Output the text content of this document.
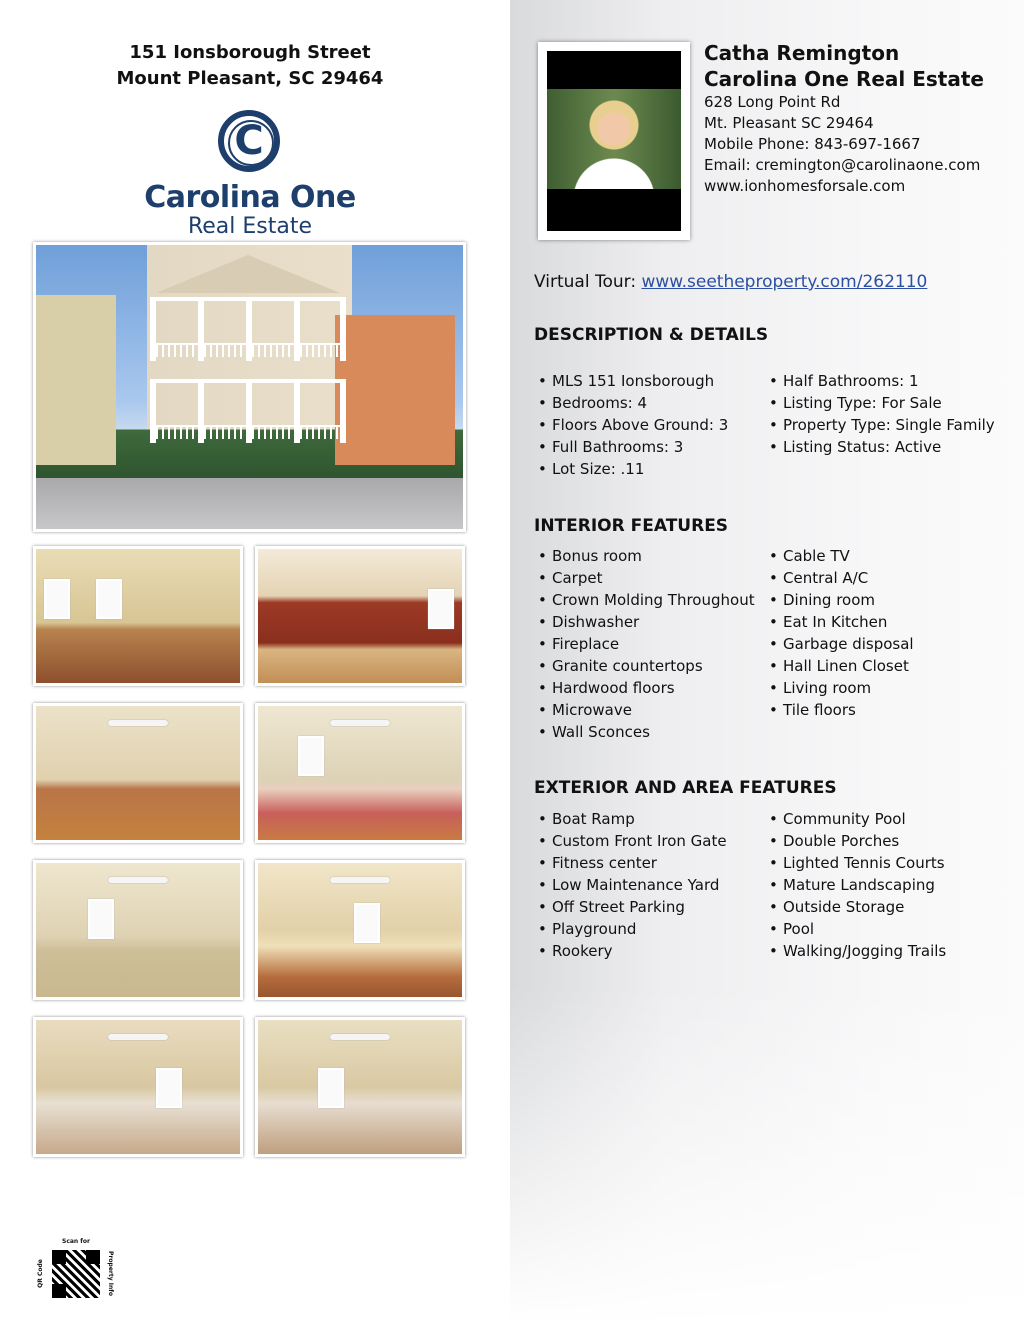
151 Ionsborough Street
Mount Pleasant, SC 29464
C
Carolina One
Real Estate
Scan for
QR Code	Property Info
Catha Remington
Carolina One Real Estate
628 Long Point Rd
Mt. Pleasant SC 29464
Mobile Phone: 843-697-1667
Email: cremington@carolinaone.com
www.ionhomesforsale.com
Virtual Tour: www.seetheproperty.com/262110
DESCRIPTION & DETAILS
• MLS 151 Ionsborough
• Bedrooms: 4
• Floors Above Ground: 3
• Full Bathrooms: 3
• Lot Size: .11
• Half Bathrooms: 1
• Listing Type: For Sale
• Property Type: Single Family
• Listing Status: Active
INTERIOR FEATURES
• Bonus room
• Carpet
• Crown Molding Throughout
• Dishwasher
• Fireplace
• Granite countertops
• Hardwood floors
• Microwave
• Wall Sconces
• Cable TV
• Central A/C
• Dining room
• Eat In Kitchen
• Garbage disposal
• Hall Linen Closet
• Living room
• Tile floors
EXTERIOR AND AREA FEATURES
• Boat Ramp
• Custom Front Iron Gate
• Fitness center
• Low Maintenance Yard
• Off Street Parking
• Playground
• Rookery
• Community Pool
• Double Porches
• Lighted Tennis Courts
• Mature Landscaping
• Outside Storage
• Pool
• Walking/Jogging Trails
